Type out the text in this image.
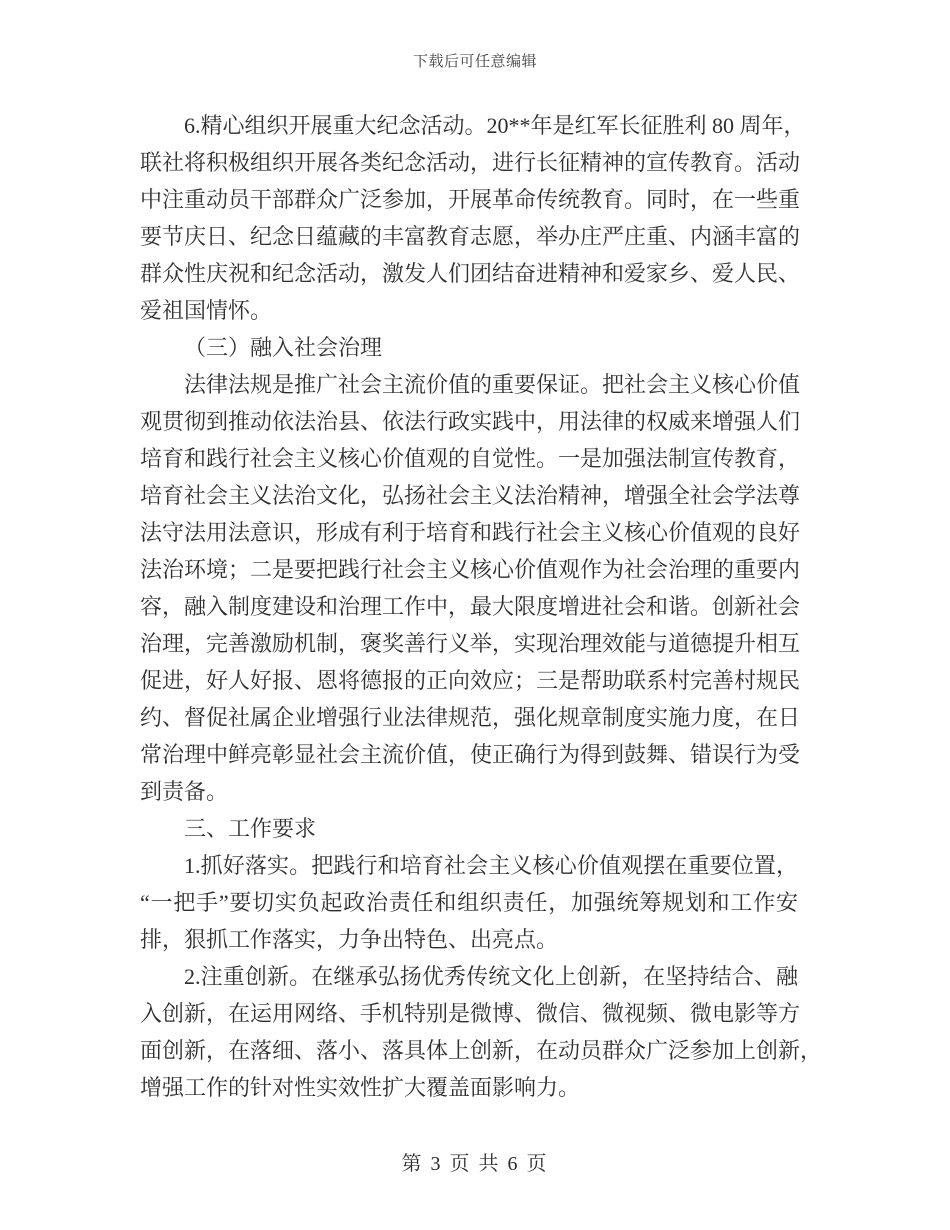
下载后可任意编辑
6.精心组织开展重大纪念活动。20**年是红军长征胜利 80 周年，
联社将积极组织开展各类纪念活动，进行长征精神的宣传教育。活动
中注重动员干部群众广泛参加，开展革命传统教育。同时，在一些重
要节庆日、纪念日蕴藏的丰富教育志愿，举办庄严庄重、内涵丰富的
群众性庆祝和纪念活动，激发人们团结奋进精神和爱家乡、爱人民、
爱祖国情怀。
（三）融入社会治理
法律法规是推广社会主流价值的重要保证。把社会主义核心价值
观贯彻到推动依法治县、依法行政实践中，用法律的权威来增强人们
培育和践行社会主义核心价值观的自觉性。一是加强法制宣传教育，
培育社会主义法治文化，弘扬社会主义法治精神，增强全社会学法尊
法守法用法意识，形成有利于培育和践行社会主义核心价值观的良好
法治环境；二是要把践行社会主义核心价值观作为社会治理的重要内
容，融入制度建设和治理工作中，最大限度增进社会和谐。创新社会
治理，完善激励机制，褒奖善行义举，实现治理效能与道德提升相互
促进，好人好报、恩将德报的正向效应；三是帮助联系村完善村规民
约、督促社属企业增强行业法律规范，强化规章制度实施力度，在日
常治理中鲜亮彰显社会主流价值，使正确行为得到鼓舞、错误行为受
到责备。
三、工作要求
1.抓好落实。把践行和培育社会主义核心价值观摆在重要位置，
“一把手”要切实负起政治责任和组织责任，加强统筹规划和工作安
排，狠抓工作落实，力争出特色、出亮点。
2.注重创新。在继承弘扬优秀传统文化上创新，在坚持结合、融
入创新，在运用网络、手机特别是微博、微信、微视频、微电影等方
面创新，在落细、落小、落具体上创新，在动员群众广泛参加上创新，
增强工作的针对性实效性扩大覆盖面影响力。
第 3 页 共 6 页
